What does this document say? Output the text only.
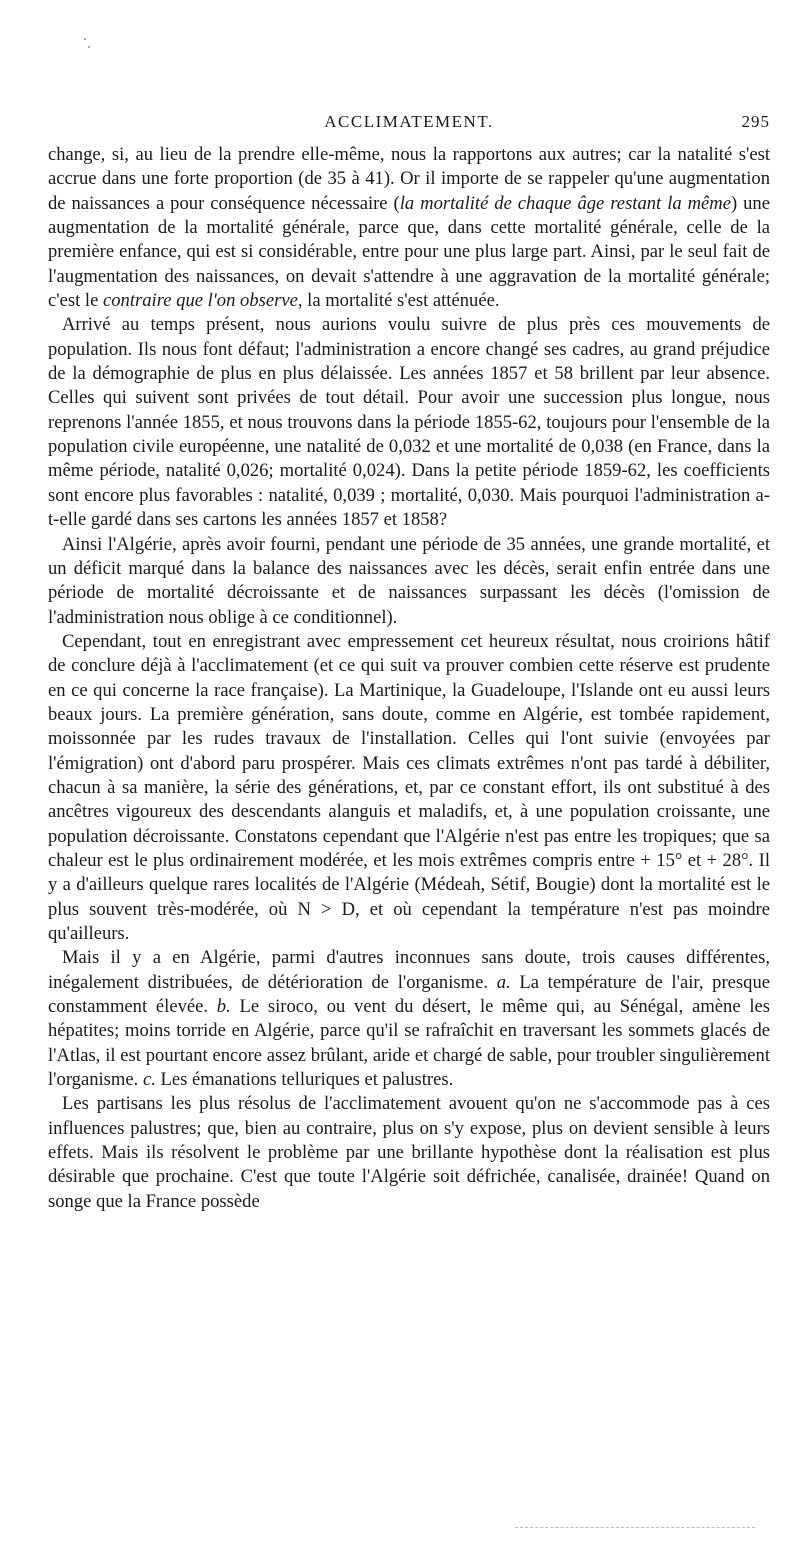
ACCLIMATEMENT.	295

change, si, au lieu de la prendre elle-même, nous la rapportons aux autres; car la natalité s'est accrue dans une forte proportion (de 35 à 41). Or il importe de se rappeler qu'une augmentation de naissances a pour conséquence nécessaire (la mortalité de chaque âge restant la même) une augmentation de la mortalité générale, parce que, dans cette mortalité générale, celle de la première enfance, qui est si considérable, entre pour une plus large part. Ainsi, par le seul fait de l'augmentation des naissances, on devait s'attendre à une aggravation de la mortalité générale; c'est le contraire que l'on observe, la mortalité s'est atténuée.

Arrivé au temps présent, nous aurions voulu suivre de plus près ces mouvements de population. Ils nous font défaut; l'administration a encore changé ses cadres, au grand préjudice de la démographie de plus en plus délaissée. Les années 1857 et 58 brillent par leur absence. Celles qui suivent sont privées de tout détail. Pour avoir une succession plus longue, nous reprenons l'année 1855, et nous trouvons dans la période 1855-62, toujours pour l'ensemble de la population civile européenne, une natalité de 0,032 et une mortalité de 0,038 (en France, dans la même période, natalité 0,026; mortalité 0,024). Dans la petite période 1859-62, les coefficients sont encore plus favorables : natalité, 0,039 ; mortalité, 0,030. Mais pourquoi l'administration a-t-elle gardé dans ses cartons les années 1857 et 1858?

Ainsi l'Algérie, après avoir fourni, pendant une période de 35 années, une grande mortalité, et un déficit marqué dans la balance des naissances avec les décès, serait enfin entrée dans une période de mortalité décroissante et de naissances surpassant les décès (l'omission de l'administration nous oblige à ce conditionnel).

Cependant, tout en enregistrant avec empressement cet heureux résultat, nous croirions hâtif de conclure déjà à l'acclimatement (et ce qui suit va prouver combien cette réserve est prudente en ce qui concerne la race française). La Martinique, la Guadeloupe, l'Islande ont eu aussi leurs beaux jours. La première génération, sans doute, comme en Algérie, est tombée rapidement, moissonnée par les rudes travaux de l'installation. Celles qui l'ont suivie (envoyées par l'émigration) ont d'abord paru prospérer. Mais ces climats extrêmes n'ont pas tardé à débiliter, chacun à sa manière, la série des générations, et, par ce constant effort, ils ont substitué à des ancêtres vigoureux des descendants alanguis et maladifs, et, à une population croissante, une population décroissante. Constatons cependant que l'Algérie n'est pas entre les tropiques; que sa chaleur est le plus ordinairement modérée, et les mois extrêmes compris entre + 15° et + 28°. Il y a d'ailleurs quelque rares localités de l'Algérie (Médeah, Sétif, Bougie) dont la mortalité est le plus souvent très-modérée, où N > D, et où cependant la température n'est pas moindre qu'ailleurs.

Mais il y a en Algérie, parmi d'autres inconnues sans doute, trois causes différentes, inégalement distribuées, de détérioration de l'organisme. a. La température de l'air, presque constamment élevée. b. Le siroco, ou vent du désert, le même qui, au Sénégal, amène les hépatites; moins torride en Algérie, parce qu'il se rafraîchit en traversant les sommets glacés de l'Atlas, il est pourtant encore assez brûlant, aride et chargé de sable, pour troubler singulièrement l'organisme. c. Les émanations telluriques et palustres.

Les partisans les plus résolus de l'acclimatement avouent qu'on ne s'accommode pas à ces influences palustres; que, bien au contraire, plus on s'y expose, plus on devient sensible à leurs effets. Mais ils résolvent le problème par une brillante hypothèse dont la réalisation est plus désirable que prochaine. C'est que toute l'Algérie soit défrichée, canalisée, drainée! Quand on songe que la France possède
